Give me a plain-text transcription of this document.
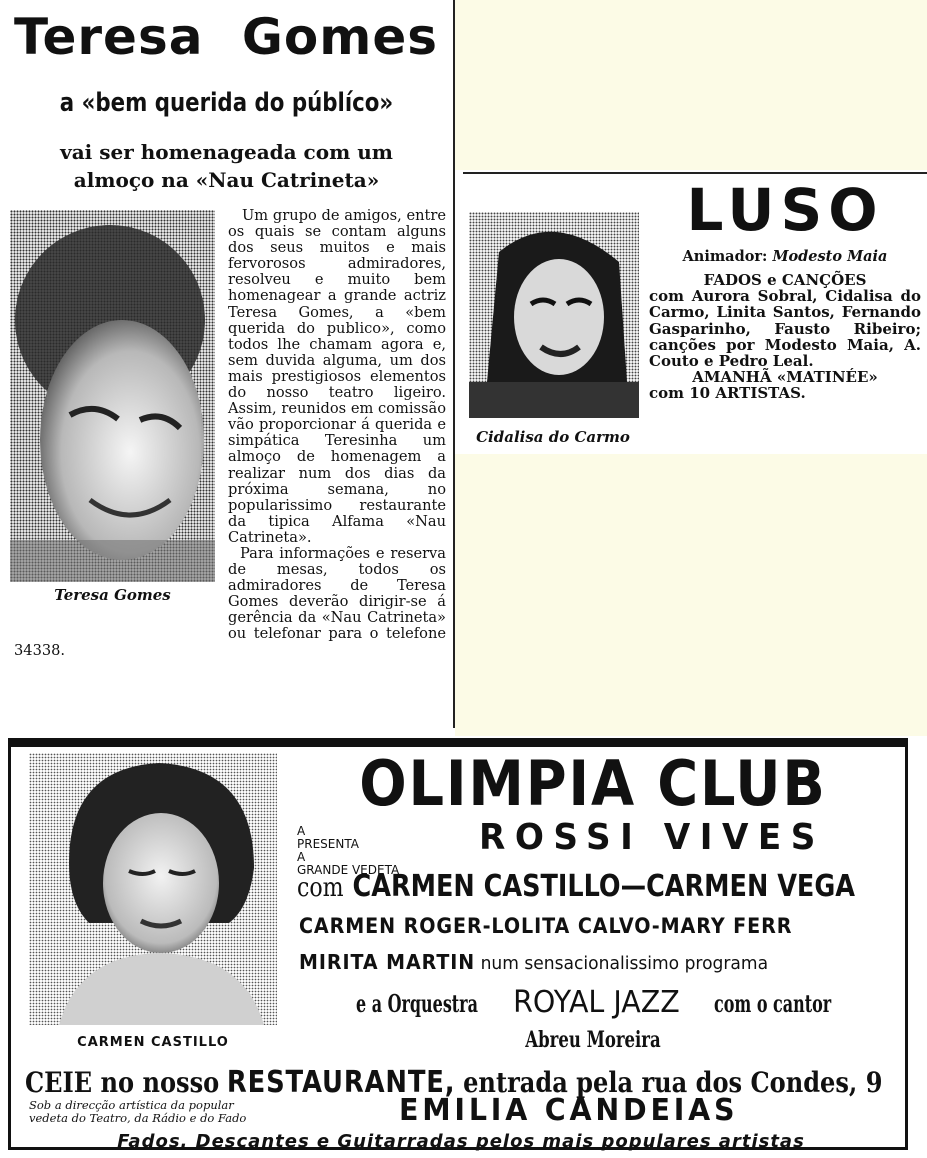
Teresa Gomes
a «bem querida do públíco»
vai ser homenageada com um
almoço na «Nau Catrineta»
Teresa Gomes

Um grupo de amigos, entre os quais se contam alguns dos seus muitos e mais fervorosos admiradores, resolveu e muito bem homenagear a grande actriz Teresa Gomes, a «bem querida do publico», como todos lhe chamam agora e, sem duvida alguma, um dos mais prestigiosos elementos do nosso teatro ligeiro. Assim, reunidos em comissão vão proporcionar á querida e simpática Teresinha um almoço de homenagem a realizar num dos dias da próxima semana, no popularissimo restaurante da tipica Alfama «Nau Catrineta».

Para informações e reserva de mesas, todos os admiradores de Teresa Gomes deverão dirigir-se á gerência da «Nau Catrineta» ou telefonar para o telefone 34338.

Cidalisa do Carmo
LUSO
Animador: Modesto Maia

FADOS e CANÇÕES

com Aurora Sobral, Cidalisa do Carmo, Linita Santos, Fernando Gasparinho, Fausto Ribeiro; canções por Modesto Maia, A. Couto e Pedro Leal.

AMANHÃ «MATINÉE»

com 10 ARTISTAS.

CARMEN CASTILLO
OLIMPIA CLUB
A
PRESENTA
A
GRANDE VEDETA
ROSSI VIVES
com CARMEN CASTILLO—CARMEN VEGA
CARMEN ROGER-LOLITA CALVO-MARY FERR
MIRITA MARTIN num sensacionalissimo programa
e a Orquestra ROYAL JAZZ com o cantor
Abreu Moreira
CEIE no nosso RESTAURANTE, entrada pela rua dos Condes, 9
Sob a direcção artística da popular
vedeta do Teatro, da Rádio e do Fado	EMILIA CANDEIAS
Fados. Descantes e Guitarradas pelos mais populares artistas
